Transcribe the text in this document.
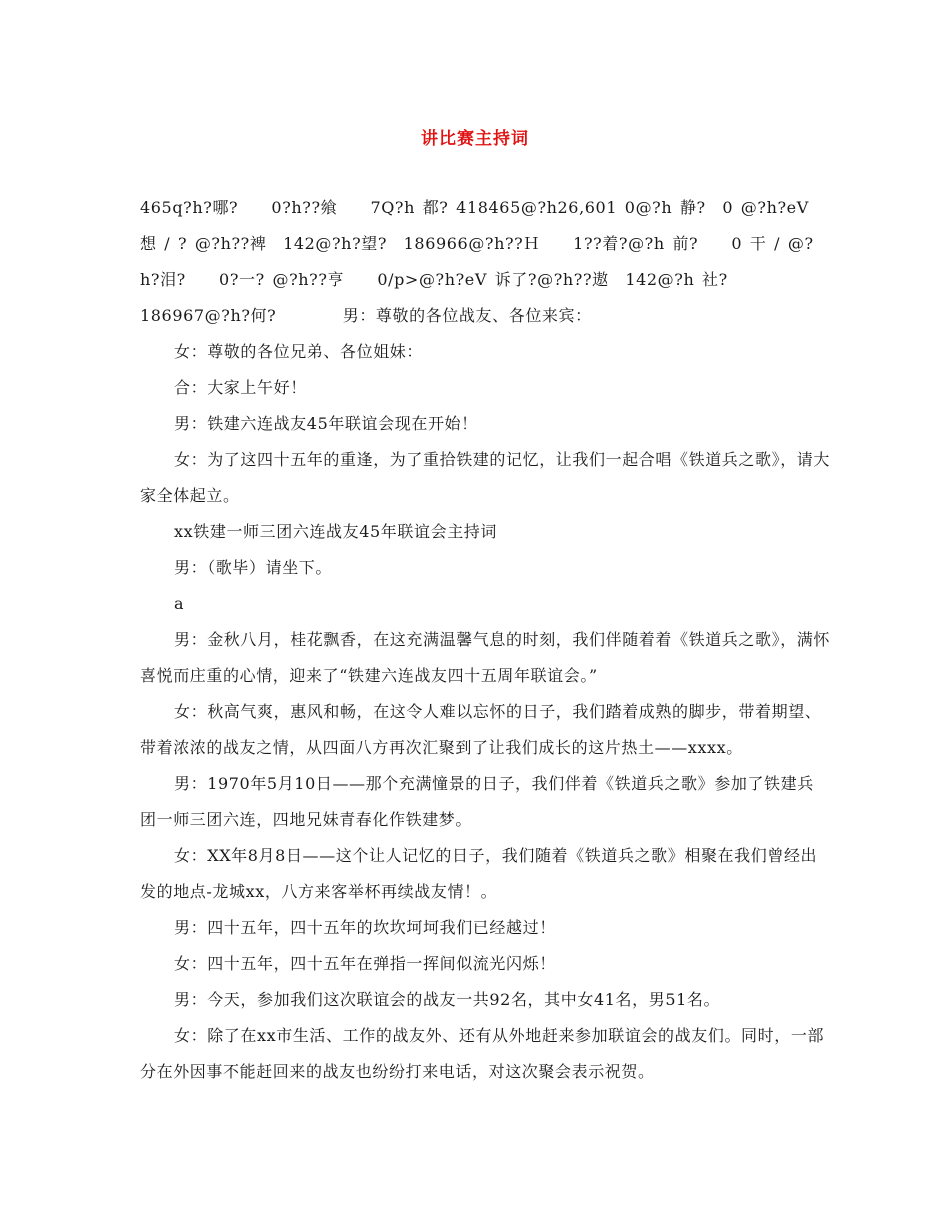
讲比赛主持词

465q?h?哪?　　0?h??飨　　7Q?h 都? 418465@?h26,601 0@?h 静?　0 @?h?eV 想 / ? @?h??裨　142@?h?望?　186966@?h??Ｈ　　1??着?@?h 前?　　0 干 / @?h?泪?　　0?一? @?h??亨　　0/p>@?h?eV 诉了?@?h??遨　142@?h 社?　186967@?h?何?　　　　男：尊敬的各位战友、各位来宾：

女：尊敬的各位兄弟、各位姐妹：

合：大家上午好！

男：铁建六连战友45年联谊会现在开始！

女：为了这四十五年的重逢，为了重拾铁建的记忆，让我们一起合唱《铁道兵之歌》，请大家全体起立。

xx铁建一师三团六连战友45年联谊会主持词

男：（歌毕）请坐下。

a

男：金秋八月，桂花飘香，在这充满温馨气息的时刻，我们伴随着着《铁道兵之歌》，满怀喜悦而庄重的心情，迎来了“铁建六连战友四十五周年联谊会。”

女：秋高气爽，惠风和畅，在这令人难以忘怀的日子，我们踏着成熟的脚步，带着期望、带着浓浓的战友之情，从四面八方再次汇聚到了让我们成长的这片热土——xxxx。

男：1970年5月10日——那个充满憧景的日子，我们伴着《铁道兵之歌》参加了铁建兵团一师三团六连，四地兄妹青春化作铁建梦。

女：XX年8月8日——这个让人记忆的日子，我们随着《铁道兵之歌》相聚在我们曾经出发的地点-龙城xx，八方来客举杯再续战友情！。

男：四十五年，四十五年的坎坎坷坷我们已经越过！

女：四十五年，四十五年在弹指一挥间似流光闪烁！

男：今天，参加我们这次联谊会的战友一共92名，其中女41名，男51名。

女：除了在xx市生活、工作的战友外、还有从外地赶来参加联谊会的战友们。同时，一部分在外因事不能赶回来的战友也纷纷打来电话，对这次聚会表示祝贺。
